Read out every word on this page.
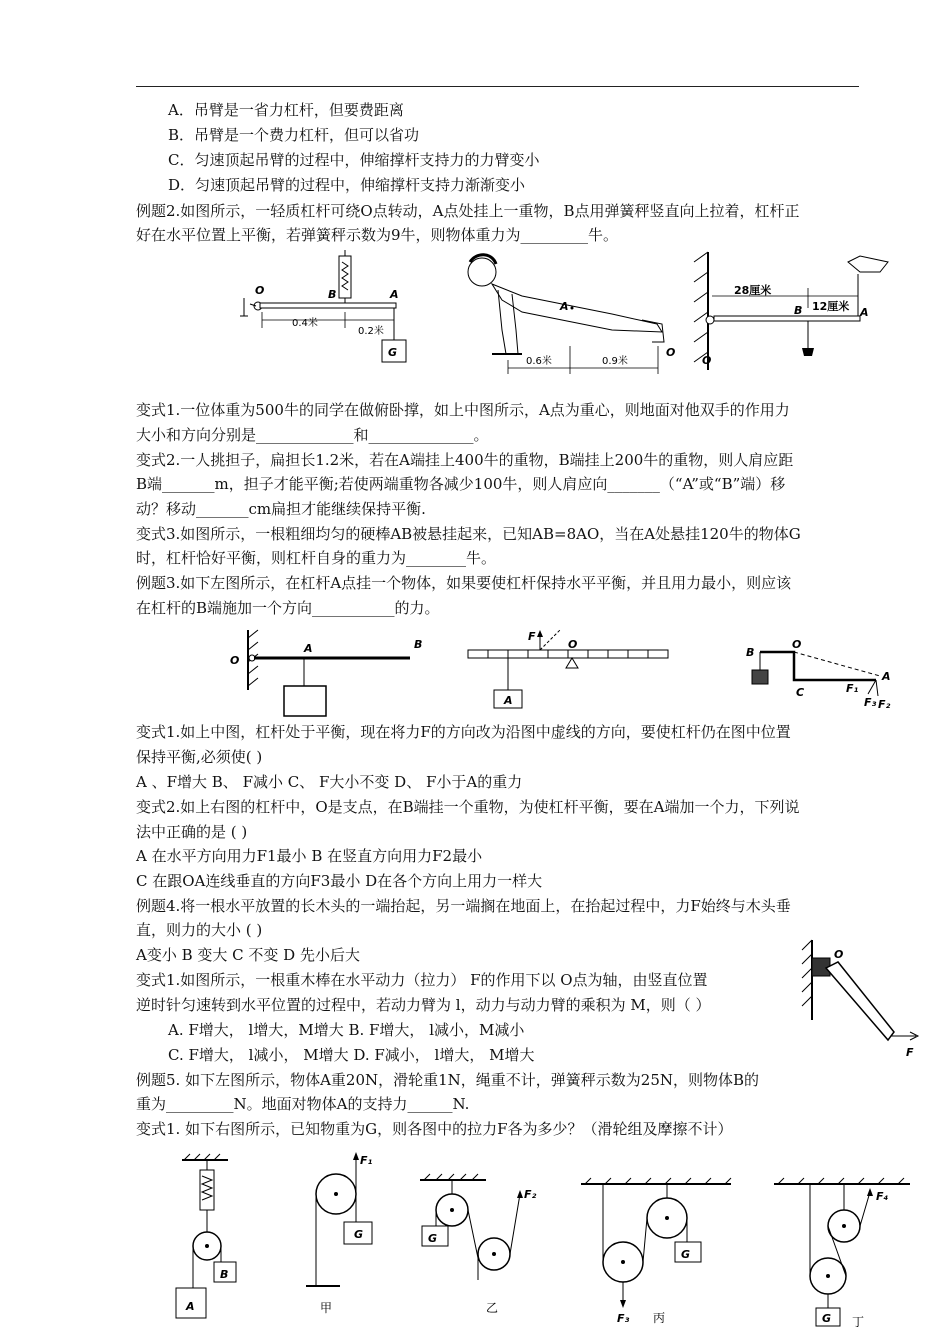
A．吊臂是一省力杠杆，但要费距离
B．吊臂是一个费力杠杆，但可以省功
C．匀速顶起吊臂的过程中，伸缩撑杆支持力的力臂变小
D．匀速顶起吊臂的过程中，伸缩撑杆支持力渐渐变小
例题2.如图所示，一轻质杠杆可绕O点转动，A点处挂上一重物，B点用弹簧秤竖直向上拉着，杠杆正
好在水平位置上平衡，若弹簧秤示数为9牛，则物体重力为_________牛。
O	B	A
G
0.4米
0.2米
A
O
0.6米	0.9米	O
B	A
28厘米
12厘米
变式1.一位体重为500牛的同学在做俯卧撑，如上中图所示，A点为重心，则地面对他双手的作用力
大小和方向分别是_____________和______________。
变式2.一人挑担子，扁担长1.2米，若在A端挂上400牛的重物，B端挂上200牛的重物，则人肩应距
B端_______m，担子才能平衡;若使两端重物各减少100牛，则人肩应向_______（“A”或“B”端）移
动？移动_______cm扁担才能继续保持平衡.
变式3.如图所示，一根粗细均匀的硬棒AB被悬挂起来，已知AB=8AO，当在A处悬挂120牛的物体G
时，杠杆恰好平衡，则杠杆自身的重力为________牛。
例题3.如下左图所示，在杠杆A点挂一个物体，如果要使杠杆保持水平平衡，并且用力最小，则应该
在杠杆的B端施加一个方向___________的力。
O
A	B
F
O
A
B
O
C
A
F₁
F₃ F₂
变式1.如上中图，杠杆处于平衡，现在将力F的方向改为沿图中虚线的方向，要使杠杆仍在图中位置
保持平衡,必须使( )
A 、F增大 B、 F减小 C、 F大小不变 D、 F小于A的重力
变式2.如上右图的杠杆中，O是支点，在B端挂一个重物，为使杠杆平衡，要在A端加一个力，下列说
法中正确的是 ( )
A 在水平方向用力F1最小 B 在竖直方向用力F2最小
C 在跟OA连线垂直的方向F3最小 D在各个方向上用力一样大
例题4.将一根水平放置的长木头的一端抬起，另一端搁在地面上，在抬起过程中，力F始终与木头垂
直，则力的大小 ( )
A变小 B 变大 C 不变 D 先小后大
变式1.如图所示，一根重木棒在水平动力（拉力） F的作用下以 O点为轴，由竖直位置
逆时针匀速转到水平位置的过程中，若动力臂为 l，动力与动力臂的乘积为 M，则（ ）
A. F增大， l增大，M增大 B. F增大， l减小，M减小
C. F增大， l减小， M增大 D. F减小， l增大， M增大
例题5. 如下左图所示，物体A重20N，滑轮重1N，绳重不计，弹簧秤示数为25N，则物体B的
重为_________N。地面对物体A的支持力______N.
变式1. 如下右图所示，已知物重为G，则各图中的拉力F各为多少？（滑轮组及摩擦不计）
O
F
B
A
G
F₁
甲
G
F₂
乙
G
F₃ 丙	G
F₄
丁
